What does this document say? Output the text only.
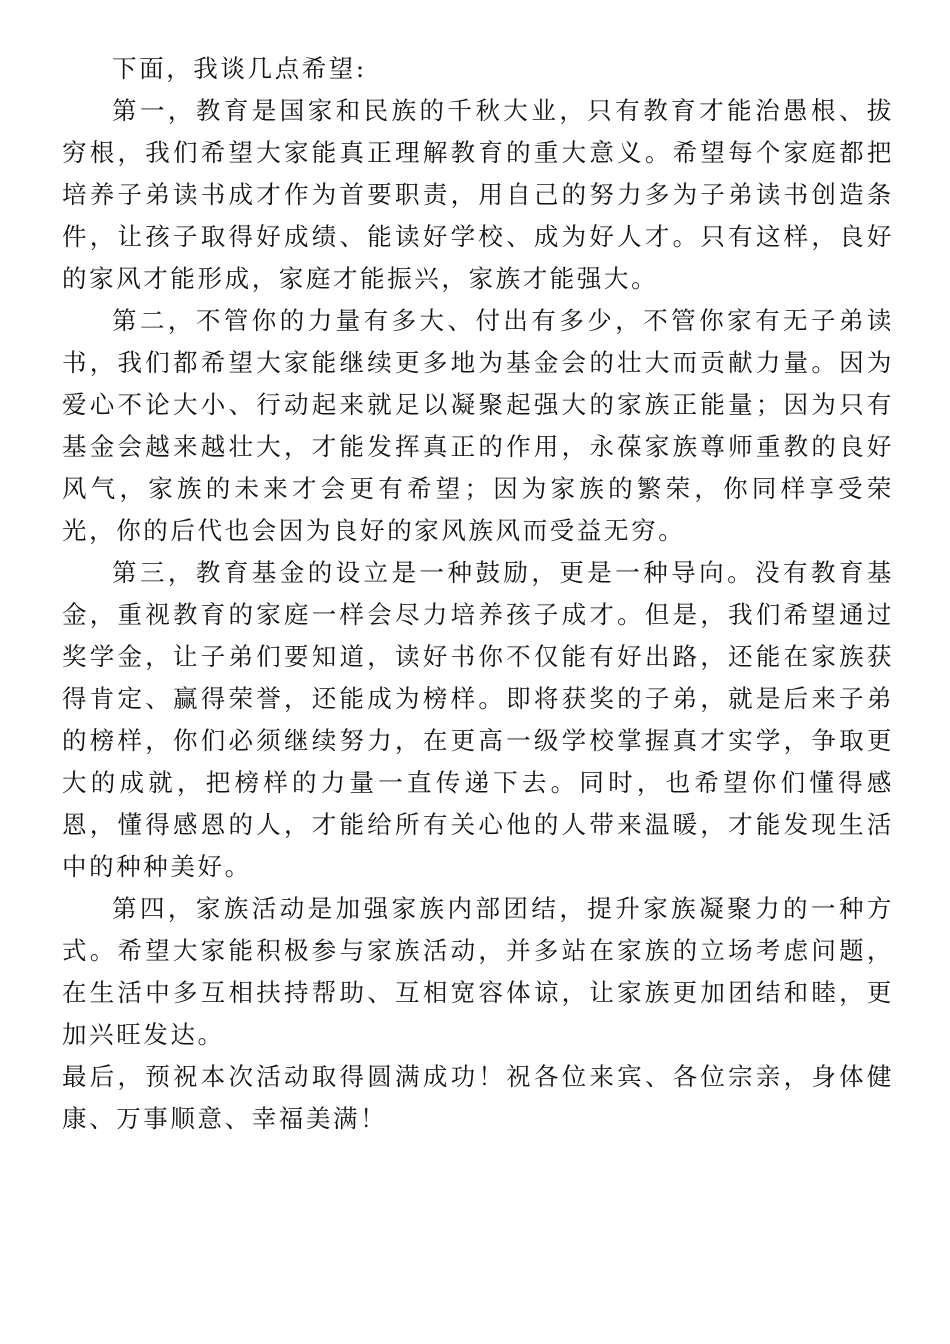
下面，我谈几点希望:

第一，教育是国家和民族的千秋大业，只有教育才能治愚根、拔穷根，我们希望大家能真正理解教育的重大意义。希望每个家庭都把培养子弟读书成才作为首要职责，用自己的努力多为子弟读书创造条件，让孩子取得好成绩、能读好学校、成为好人才。只有这样，良好的家风才能形成，家庭才能振兴，家族才能强大。

第二，不管你的力量有多大、付出有多少，不管你家有无子弟读书，我们都希望大家能继续更多地为基金会的壮大而贡献力量。因为爱心不论大小、行动起来就足以凝聚起强大的家族正能量；因为只有基金会越来越壮大，才能发挥真正的作用，永葆家族尊师重教的良好风气，家族的未来才会更有希望；因为家族的繁荣，你同样享受荣光，你的后代也会因为良好的家风族风而受益无穷。

第三，教育基金的设立是一种鼓励，更是一种导向。没有教育基金，重视教育的家庭一样会尽力培养孩子成才。但是，我们希望通过奖学金，让子弟们要知道，读好书你不仅能有好出路，还能在家族获得肯定、赢得荣誉，还能成为榜样。即将获奖的子弟，就是后来子弟的榜样，你们必须继续努力，在更高一级学校掌握真才实学，争取更大的成就，把榜样的力量一直传递下去。同时，也希望你们懂得感恩，懂得感恩的人，才能给所有关心他的人带来温暖，才能发现生活中的种种美好。

第四，家族活动是加强家族内部团结，提升家族凝聚力的一种方式。希望大家能积极参与家族活动，并多站在家族的立场考虑问题，在生活中多互相扶持帮助、互相宽容体谅，让家族更加团结和睦，更加兴旺发达。

最后，预祝本次活动取得圆满成功！祝各位来宾、各位宗亲，身体健康、万事顺意、幸福美满！
